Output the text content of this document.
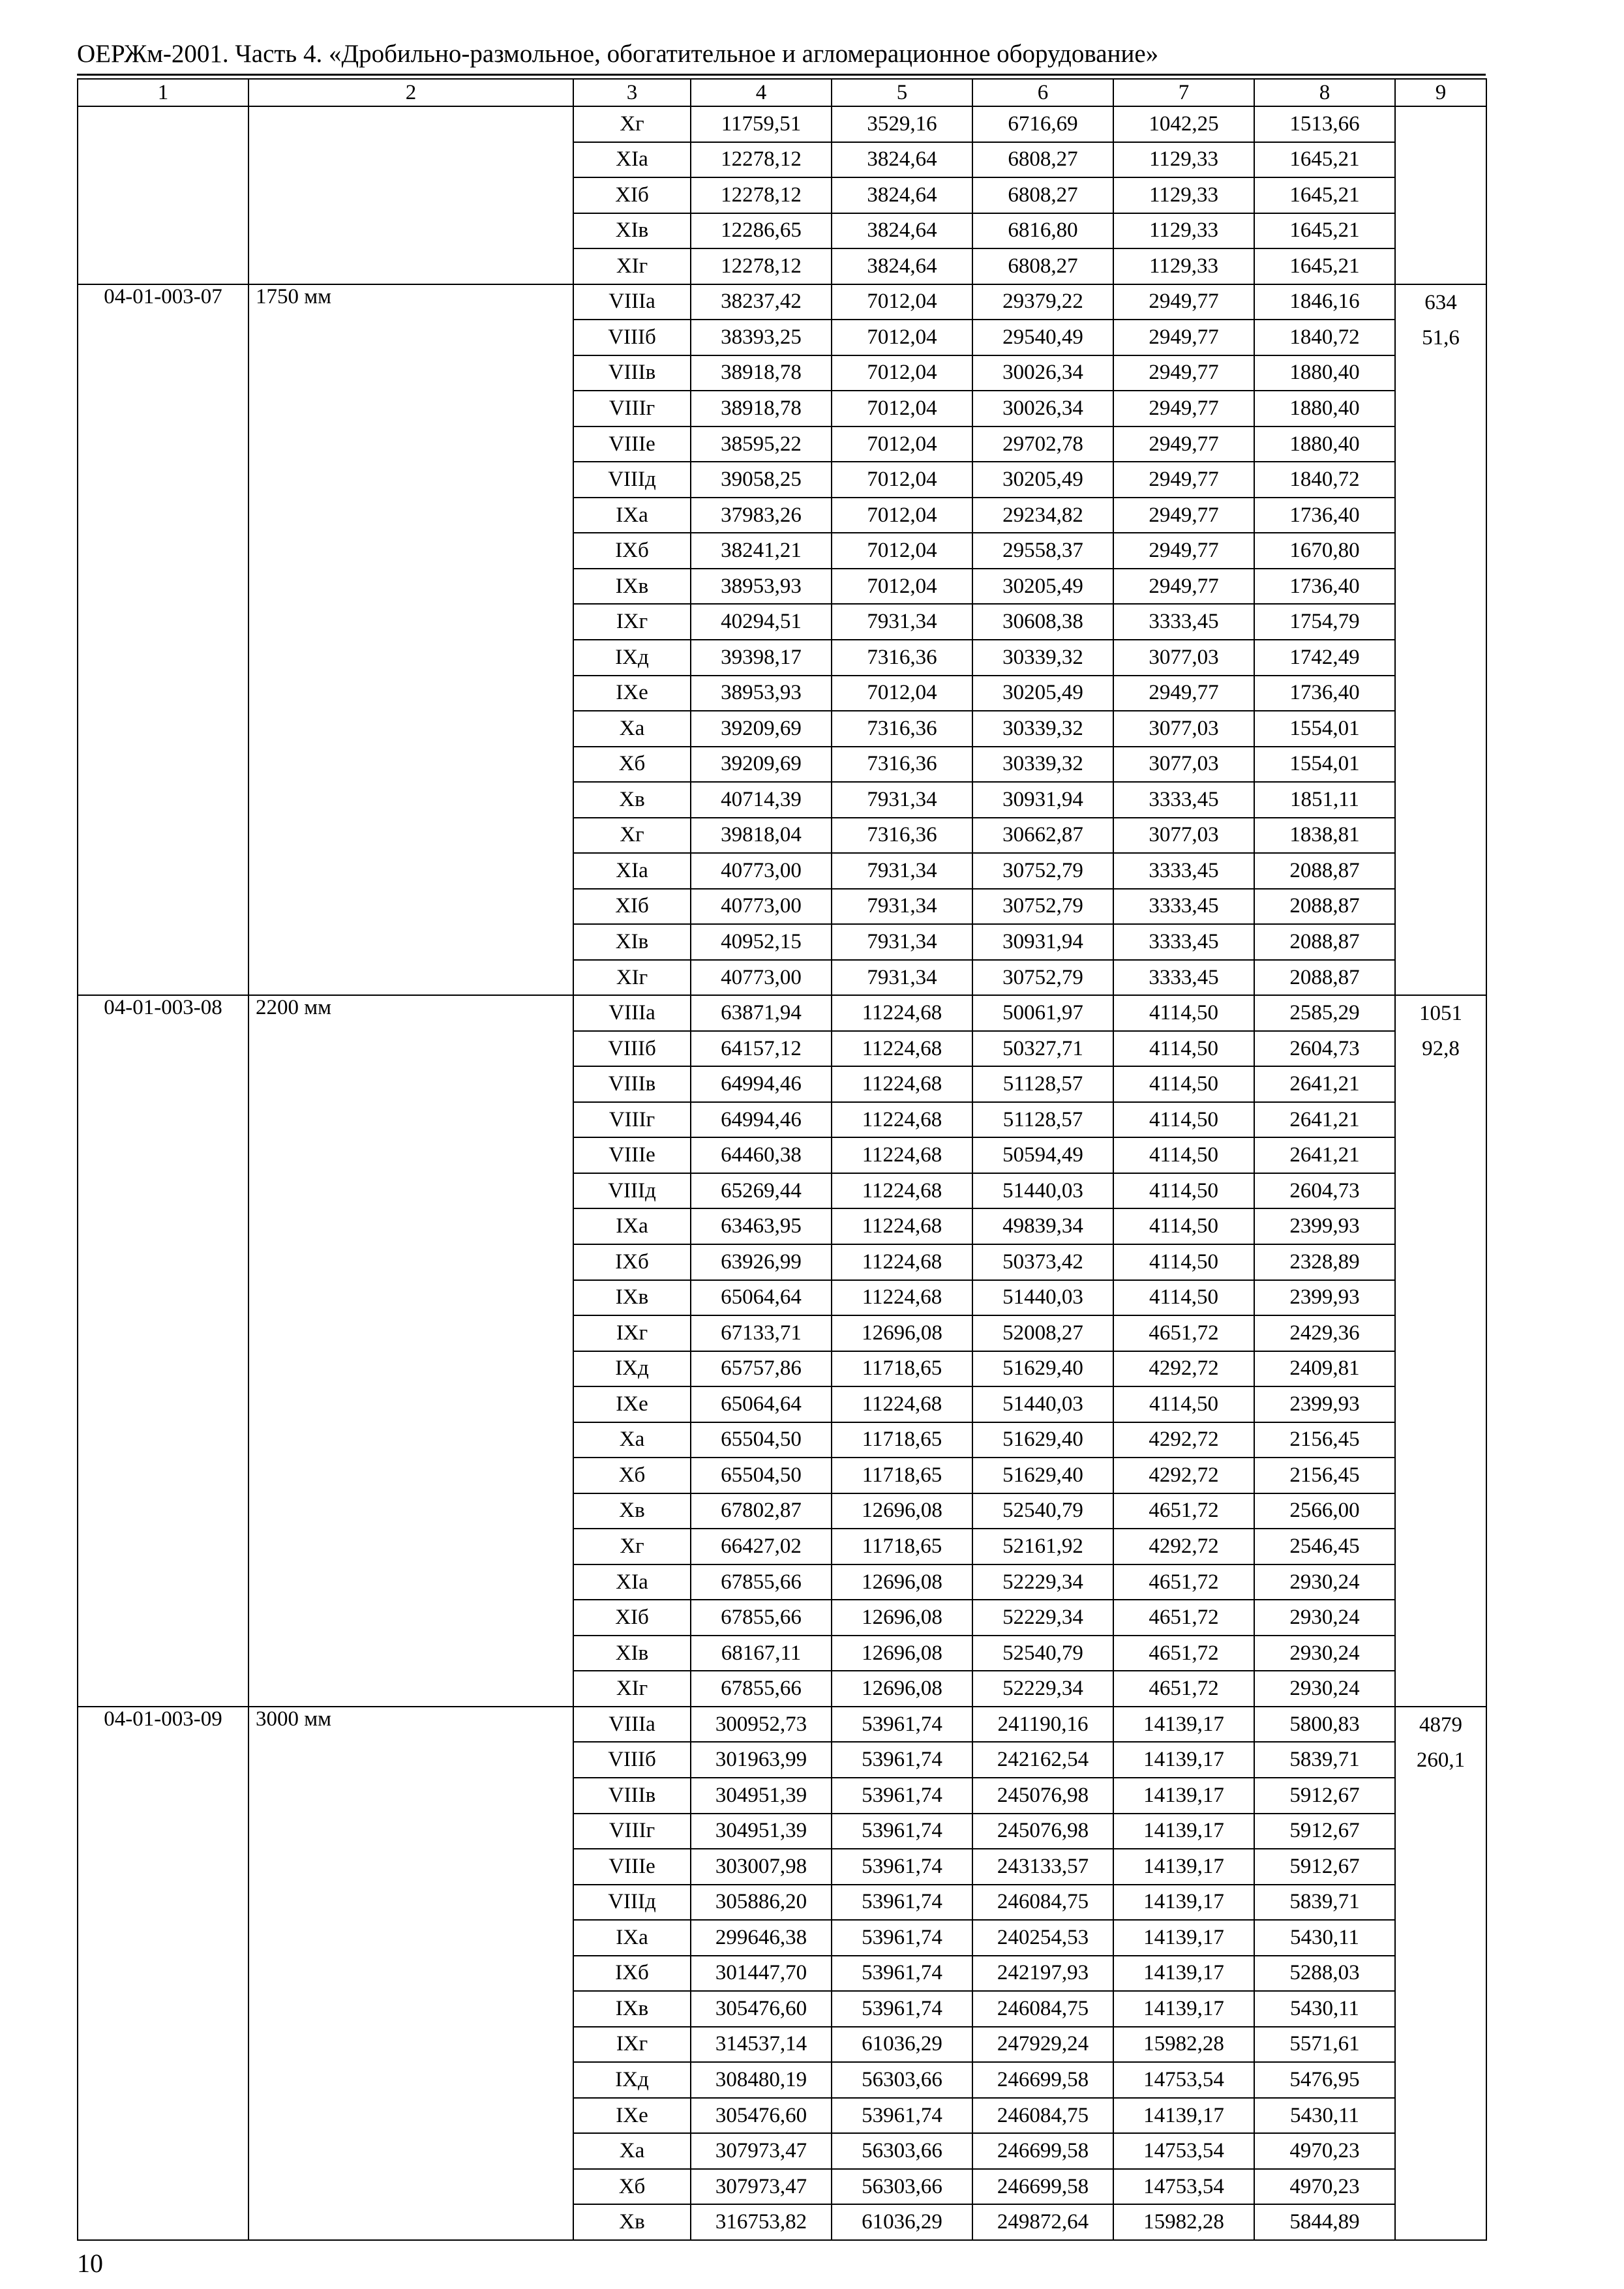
ОЕРЖм-2001. Часть 4. «Дробильно-размольное, обогатительное и агломерационное оборудование»
1	2	3	4	5	6	7	8	9
		Xг	11759,51	3529,16	6716,69	1042,25	1513,66	
		XIа	12278,12	3824,64	6808,27	1129,33	1645,21	
		XIб	12278,12	3824,64	6808,27	1129,33	1645,21	
		XIв	12286,65	3824,64	6816,80	1129,33	1645,21	
		XIг	12278,12	3824,64	6808,27	1129,33	1645,21	
04-01-003-07	1750 мм	VIIIа	38237,42	7012,04	29379,22	2949,77	1846,16	634
51,6

		VIIIб	38393,25	7012,04	29540,49	2949,77	1840,72	
		VIIIв	38918,78	7012,04	30026,34	2949,77	1880,40	
		VIIIг	38918,78	7012,04	30026,34	2949,77	1880,40	
		VIIIе	38595,22	7012,04	29702,78	2949,77	1880,40	
		VIIIд	39058,25	7012,04	30205,49	2949,77	1840,72	
		IXа	37983,26	7012,04	29234,82	2949,77	1736,40	
		IXб	38241,21	7012,04	29558,37	2949,77	1670,80	
		IXв	38953,93	7012,04	30205,49	2949,77	1736,40	
		IXг	40294,51	7931,34	30608,38	3333,45	1754,79	
		IXд	39398,17	7316,36	30339,32	3077,03	1742,49	
		IXе	38953,93	7012,04	30205,49	2949,77	1736,40	
		Xа	39209,69	7316,36	30339,32	3077,03	1554,01	
		Xб	39209,69	7316,36	30339,32	3077,03	1554,01	
		Xв	40714,39	7931,34	30931,94	3333,45	1851,11	
		Xг	39818,04	7316,36	30662,87	3077,03	1838,81	
		XIа	40773,00	7931,34	30752,79	3333,45	2088,87	
		XIб	40773,00	7931,34	30752,79	3333,45	2088,87	
		XIв	40952,15	7931,34	30931,94	3333,45	2088,87	
		XIг	40773,00	7931,34	30752,79	3333,45	2088,87	
04-01-003-08	2200 мм	VIIIа	63871,94	11224,68	50061,97	4114,50	2585,29	1051
92,8

		VIIIб	64157,12	11224,68	50327,71	4114,50	2604,73	
		VIIIв	64994,46	11224,68	51128,57	4114,50	2641,21	
		VIIIг	64994,46	11224,68	51128,57	4114,50	2641,21	
		VIIIе	64460,38	11224,68	50594,49	4114,50	2641,21	
		VIIIд	65269,44	11224,68	51440,03	4114,50	2604,73	
		IXа	63463,95	11224,68	49839,34	4114,50	2399,93	
		IXб	63926,99	11224,68	50373,42	4114,50	2328,89	
		IXв	65064,64	11224,68	51440,03	4114,50	2399,93	
		IXг	67133,71	12696,08	52008,27	4651,72	2429,36	
		IXд	65757,86	11718,65	51629,40	4292,72	2409,81	
		IXе	65064,64	11224,68	51440,03	4114,50	2399,93	
		Xа	65504,50	11718,65	51629,40	4292,72	2156,45	
		Xб	65504,50	11718,65	51629,40	4292,72	2156,45	
		Xв	67802,87	12696,08	52540,79	4651,72	2566,00	
		Xг	66427,02	11718,65	52161,92	4292,72	2546,45	
		XIа	67855,66	12696,08	52229,34	4651,72	2930,24	
		XIб	67855,66	12696,08	52229,34	4651,72	2930,24	
		XIв	68167,11	12696,08	52540,79	4651,72	2930,24	
		XIг	67855,66	12696,08	52229,34	4651,72	2930,24	
04-01-003-09	3000 мм	VIIIа	300952,73	53961,74	241190,16	14139,17	5800,83	4879
260,1

		VIIIб	301963,99	53961,74	242162,54	14139,17	5839,71	
		VIIIв	304951,39	53961,74	245076,98	14139,17	5912,67	
		VIIIг	304951,39	53961,74	245076,98	14139,17	5912,67	
		VIIIе	303007,98	53961,74	243133,57	14139,17	5912,67	
		VIIIд	305886,20	53961,74	246084,75	14139,17	5839,71	
		IXа	299646,38	53961,74	240254,53	14139,17	5430,11	
		IXб	301447,70	53961,74	242197,93	14139,17	5288,03	
		IXв	305476,60	53961,74	246084,75	14139,17	5430,11	
		IXг	314537,14	61036,29	247929,24	15982,28	5571,61	
		IXд	308480,19	56303,66	246699,58	14753,54	5476,95	
		IXе	305476,60	53961,74	246084,75	14139,17	5430,11	
		Xа	307973,47	56303,66	246699,58	14753,54	4970,23	
		Xб	307973,47	56303,66	246699,58	14753,54	4970,23	
		Xв	316753,82	61036,29	249872,64	15982,28	5844,89	
10
